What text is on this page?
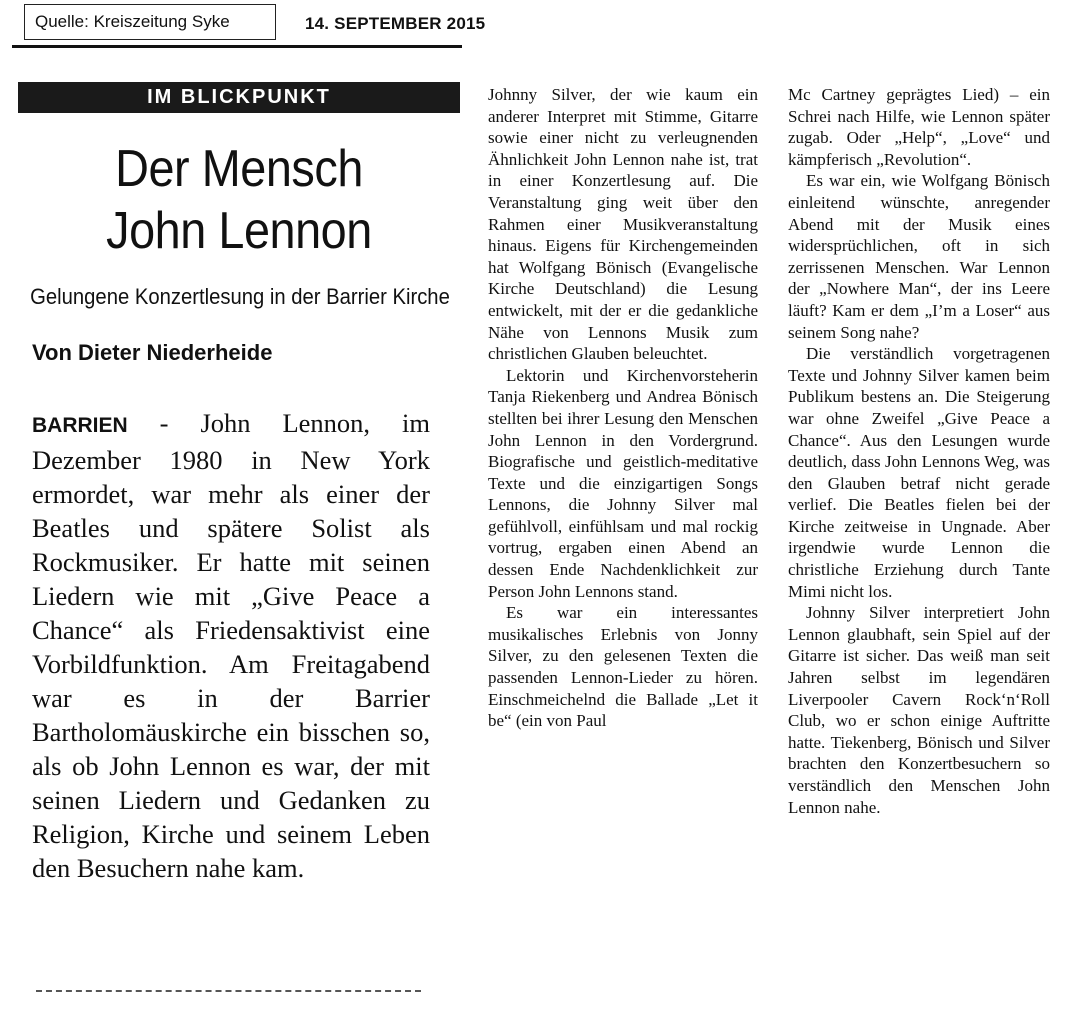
Quelle: Kreiszeitung Syke	14. SEPTEMBER 2015
IM BLICKPUNKT
Der Mensch
John Lennon
Gelungene Konzertlesung in der Barrier Kirche
Von Dieter Niederheide
BARRIEN - John Lennon, im Dezember 1980 in New York ermordet, war mehr als einer der Beatles und spätere Solist als Rockmusiker. Er hatte mit seinen Liedern wie mit „Give Peace a Chance“ als Friedensaktivist eine Vorbildfunktion. Am Freitagabend war es in der Barrier Bartholomäuskirche ein bisschen so, als ob John Lennon es war, der mit seinen Liedern und Gedanken zu Religion, Kirche und seinem Leben den Besuchern nahe kam.

Johnny Silver, der wie kaum ein anderer Interpret mit Stimme, Gitarre sowie einer nicht zu verleugnenden Ähnlichkeit John Lennon nahe ist, trat in einer Konzertlesung auf. Die Veranstaltung ging weit über den Rahmen einer Musikveranstaltung hinaus. Eigens für Kirchengemeinden hat Wolfgang Bönisch (Evangelische Kirche Deutschland) die Lesung entwickelt, mit der er die gedankliche Nähe von Lennons Musik zum christlichen Glauben beleuchtet.

Lektorin und Kirchenvorsteherin Tanja Riekenberg und Andrea Bönisch stellten bei ihrer Lesung den Menschen John Lennon in den Vordergrund. Biografische und geistlich-meditative Texte und die einzigartigen Songs Lennons, die Johnny Silver mal gefühlvoll, einfühlsam und mal rockig vortrug, ergaben einen Abend an dessen Ende Nachdenklichkeit zur Person John Lennons stand.

Es war ein interessantes musikalisches Erlebnis von Jonny Silver, zu den gelesenen Texten die passenden Lennon-Lieder zu hören. Einschmeichelnd die Ballade „Let it be“ (ein von Paul

Mc Cartney geprägtes Lied) – ein Schrei nach Hilfe, wie Lennon später zugab. Oder „Help“, „Love“ und kämpferisch „Revolution“.

Es war ein, wie Wolfgang Bönisch einleitend wünschte, anregender Abend mit der Musik eines widersprüchlichen, oft in sich zerrissenen Menschen. War Lennon der „Nowhere Man“, der ins Leere läuft? Kam er dem „I’m a Loser“ aus seinem Song nahe?

Die verständlich vorgetragenen Texte und Johnny Silver kamen beim Publikum bestens an. Die Steigerung war ohne Zweifel „Give Peace a Chance“. Aus den Lesungen wurde deutlich, dass John Lennons Weg, was den Glauben betraf nicht gerade verlief. Die Beatles fielen bei der Kirche zeitweise in Ungnade. Aber irgendwie wurde Lennon die christliche Erziehung durch Tante Mimi nicht los.

Johnny Silver interpretiert John Lennon glaubhaft, sein Spiel auf der Gitarre ist sicher. Das weiß man seit Jahren selbst im legendären Liverpooler Cavern Rock‘n‘Roll Club, wo er schon einige Auftritte hatte. Tiekenberg, Bönisch und Silver brachten den Konzertbesuchern so verständlich den Menschen John Lennon nahe.
